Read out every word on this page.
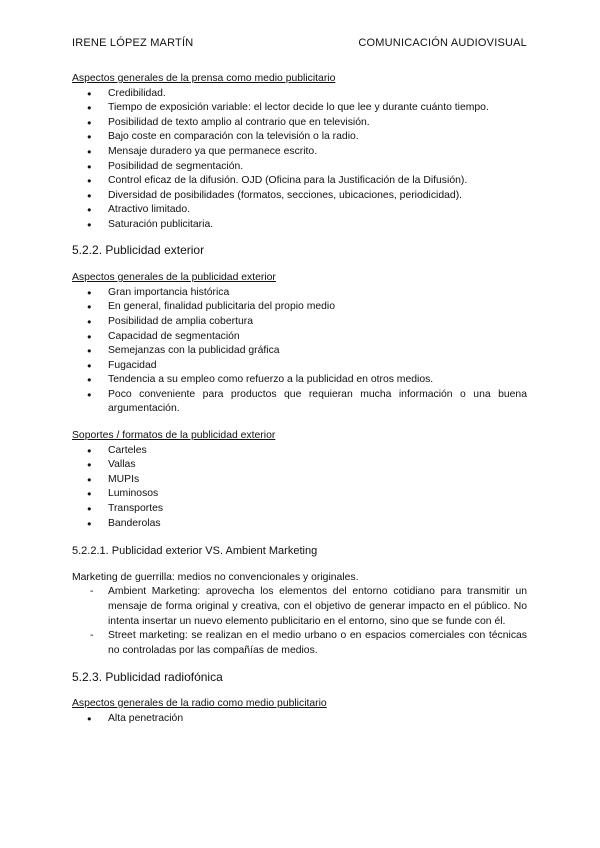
IRENE LÓPEZ MARTÍN	COMUNICACIÓN AUDIOVISUAL

Aspectos generales de la prensa como medio publicitario

● Credibilidad.
● Tiempo de exposición variable: el lector decide lo que lee y durante cuánto tiempo.
● Posibilidad de texto amplio al contrario que en televisión.
● Bajo coste en comparación con la televisión o la radio.
● Mensaje duradero ya que permanece escrito.
● Posibilidad de segmentación.
● Control eficaz de la difusión. OJD (Oficina para la Justificación de la Difusión).
● Diversidad de posibilidades (formatos, secciones, ubicaciones, periodicidad).
● Atractivo limitado.
● Saturación publicitaria.

5.2.2. Publicidad exterior

Aspectos generales de la publicidad exterior

● Gran importancia histórica
● En general, finalidad publicitaria del propio medio
● Posibilidad de amplia cobertura
● Capacidad de segmentación
● Semejanzas con la publicidad gráfica
● Fugacidad
● Tendencia a su empleo como refuerzo a la publicidad en otros medios.
● Poco conveniente para productos que requieran mucha información o una buena argumentación.

Soportes / formatos de la publicidad exterior

● Carteles
● Vallas
● MUPIs
● Luminosos
● Transportes
● Banderolas

5.2.2.1. Publicidad exterior VS. Ambient Marketing

Marketing de guerrilla: medios no convencionales y originales.

- Ambient Marketing: aprovecha los elementos del entorno cotidiano para transmitir un mensaje de forma original y creativa, con el objetivo de generar impacto en el público. No intenta insertar un nuevo elemento publicitario en el entorno, sino que se funde con él.
- Street marketing: se realizan en el medio urbano o en espacios comerciales con técnicas no controladas por las compañías de medios.

5.2.3. Publicidad radiofónica

Aspectos generales de la radio como medio publicitario

● Alta penetración
